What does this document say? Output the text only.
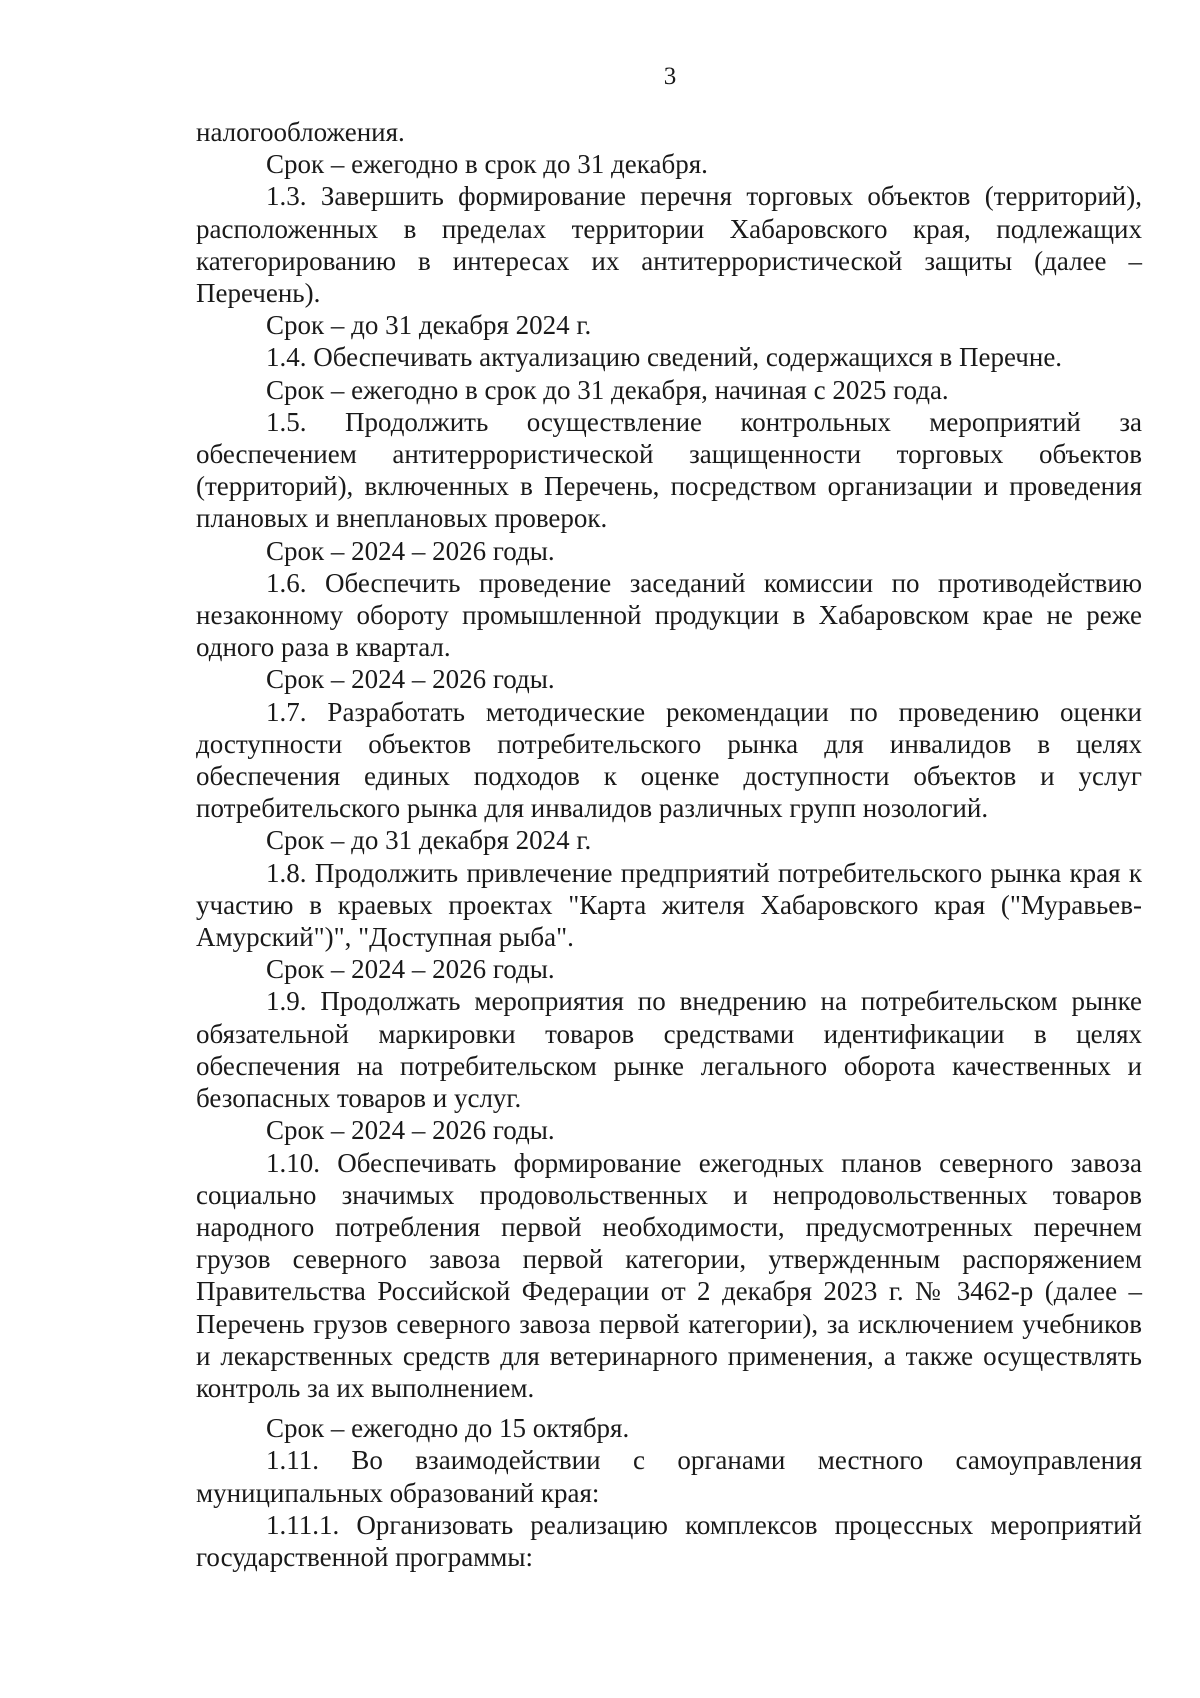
3

налогообложения.

Срок – ежегодно в срок до 31 декабря.

1.3. Завершить формирование перечня торговых объектов (территорий), расположенных в пределах территории Хабаровского края, подлежащих категорированию в интересах их антитеррористической защиты (далее – Перечень).

Срок – до 31 декабря 2024 г.

1.4. Обеспечивать актуализацию сведений, содержащихся в Перечне.

Срок – ежегодно в срок до 31 декабря, начиная с 2025 года.

1.5. Продолжить осуществление контрольных мероприятий за обеспечением антитеррористической защищенности торговых объектов (территорий), включенных в Перечень, посредством организации и проведения плановых и внеплановых проверок.

Срок – 2024 – 2026 годы.

1.6. Обеспечить проведение заседаний комиссии по противодействию незаконному обороту промышленной продукции в Хабаровском крае не реже одного раза в квартал.

Срок – 2024 – 2026 годы.

1.7. Разработать методические рекомендации по проведению оценки доступности объектов потребительского рынка для инвалидов в целях обеспечения единых подходов к оценке доступности объектов и услуг потребительского рынка для инвалидов различных групп нозологий.

Срок – до 31 декабря 2024 г.

1.8. Продолжить привлечение предприятий потребительского рынка края к участию в краевых проектах "Карта жителя Хабаровского края ("Муравьев-Амурский")", "Доступная рыба".

Срок – 2024 – 2026 годы.

1.9. Продолжать мероприятия по внедрению на потребительском рынке обязательной маркировки товаров средствами идентификации в целях обеспечения на потребительском рынке легального оборота качественных и безопасных товаров и услуг.

Срок – 2024 – 2026 годы.

1.10. Обеспечивать формирование ежегодных планов северного завоза социально значимых продовольственных и непродовольственных товаров народного потребления первой необходимости, предусмотренных перечнем грузов северного завоза первой категории, утвержденным распоряжением Правительства Российской Федерации от 2 декабря 2023 г. № 3462-р (далее – Перечень грузов северного завоза первой категории), за исключением учебников и лекарственных средств для ветеринарного применения, а также осуществлять контроль за их выполнением.

Срок – ежегодно до 15 октября.

1.11. Во взаимодействии с органами местного самоуправления муниципальных образований края:

1.11.1. Организовать реализацию комплексов процессных мероприятий государственной программы:
